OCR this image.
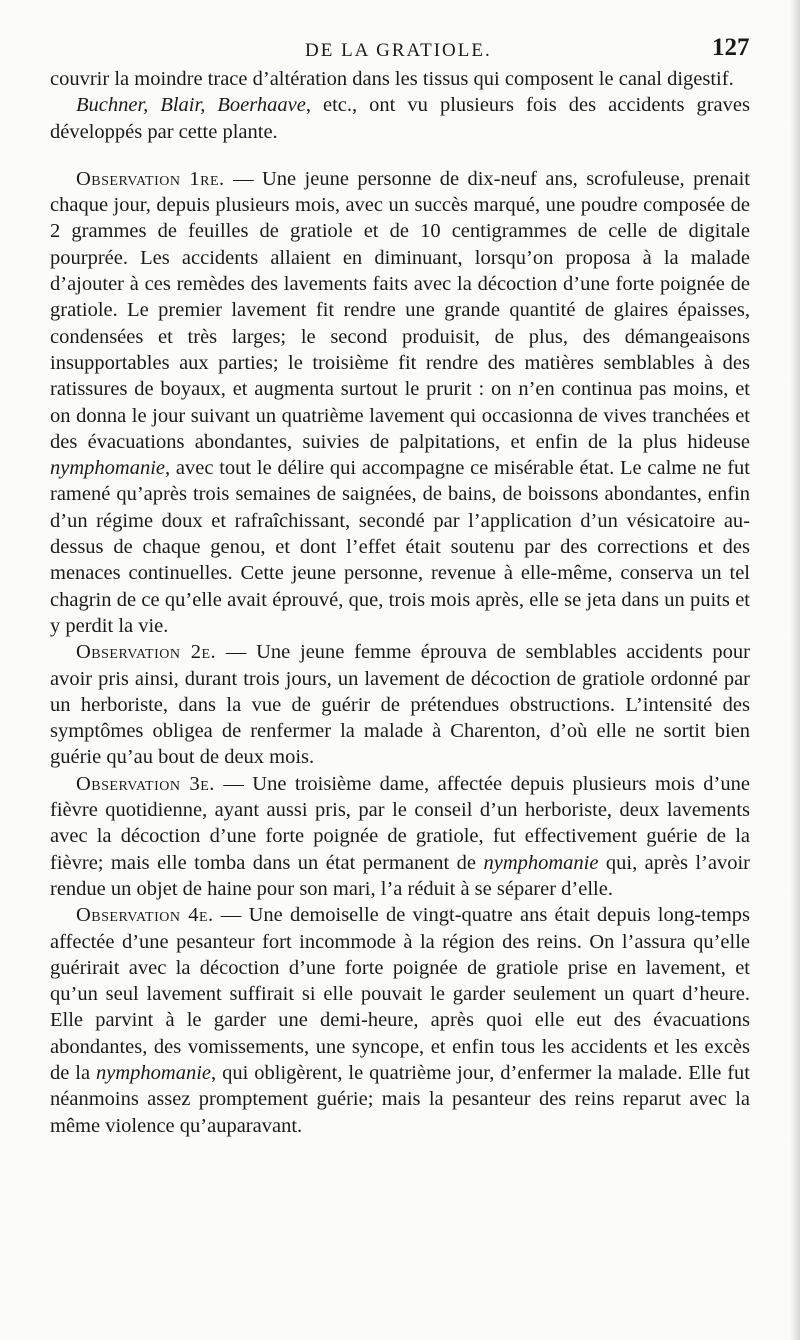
DE LA GRATIOLE.	127

couvrir la moindre trace d’altération dans les tissus qui composent le canal digestif.

Buchner, Blair, Boerhaave, etc., ont vu plusieurs fois des accidents graves développés par cette plante.

Observation 1re. — Une jeune personne de dix-neuf ans, scrofuleuse, prenait chaque jour, depuis plusieurs mois, avec un succès marqué, une poudre composée de 2 grammes de feuilles de gratiole et de 10 centigrammes de celle de digitale pourprée. Les accidents allaient en diminuant, lorsqu’on proposa à la malade d’ajouter à ces remèdes des lavements faits avec la décoction d’une forte poignée de gratiole. Le premier lavement fit rendre une grande quantité de glaires épaisses, condensées et très larges; le second produisit, de plus, des démangeaisons insupportables aux parties; le troisième fit rendre des matières semblables à des ratissures de boyaux, et augmenta surtout le prurit : on n’en continua pas moins, et on donna le jour suivant un quatrième lavement qui occasionna de vives tranchées et des évacuations abondantes, suivies de palpitations, et enfin de la plus hideuse nymphomanie, avec tout le délire qui accompagne ce misérable état. Le calme ne fut ramené qu’après trois semaines de saignées, de bains, de boissons abondantes, enfin d’un régime doux et rafraîchissant, secondé par l’application d’un vésicatoire au-dessus de chaque genou, et dont l’effet était soutenu par des corrections et des menaces continuelles. Cette jeune personne, revenue à elle-même, conserva un tel chagrin de ce qu’elle avait éprouvé, que, trois mois après, elle se jeta dans un puits et y perdit la vie.

Observation 2e. — Une jeune femme éprouva de semblables accidents pour avoir pris ainsi, durant trois jours, un lavement de décoction de gratiole ordonné par un herboriste, dans la vue de guérir de prétendues obstructions. L’intensité des symptômes obligea de renfermer la malade à Charenton, d’où elle ne sortit bien guérie qu’au bout de deux mois.

Observation 3e. — Une troisième dame, affectée depuis plusieurs mois d’une fièvre quotidienne, ayant aussi pris, par le conseil d’un herboriste, deux lavements avec la décoction d’une forte poignée de gratiole, fut effectivement guérie de la fièvre; mais elle tomba dans un état permanent de nymphomanie qui, après l’avoir rendue un objet de haine pour son mari, l’a réduit à se séparer d’elle.

Observation 4e. — Une demoiselle de vingt-quatre ans était depuis long-temps affectée d’une pesanteur fort incommode à la région des reins. On l’assura qu’elle guérirait avec la décoction d’une forte poignée de gratiole prise en lavement, et qu’un seul lavement suffirait si elle pouvait le garder seulement un quart d’heure. Elle parvint à le garder une demi-heure, après quoi elle eut des évacuations abondantes, des vomissements, une syncope, et enfin tous les accidents et les excès de la nymphomanie, qui obligèrent, le quatrième jour, d’enfermer la malade. Elle fut néanmoins assez promptement guérie; mais la pesanteur des reins reparut avec la même violence qu’auparavant.
